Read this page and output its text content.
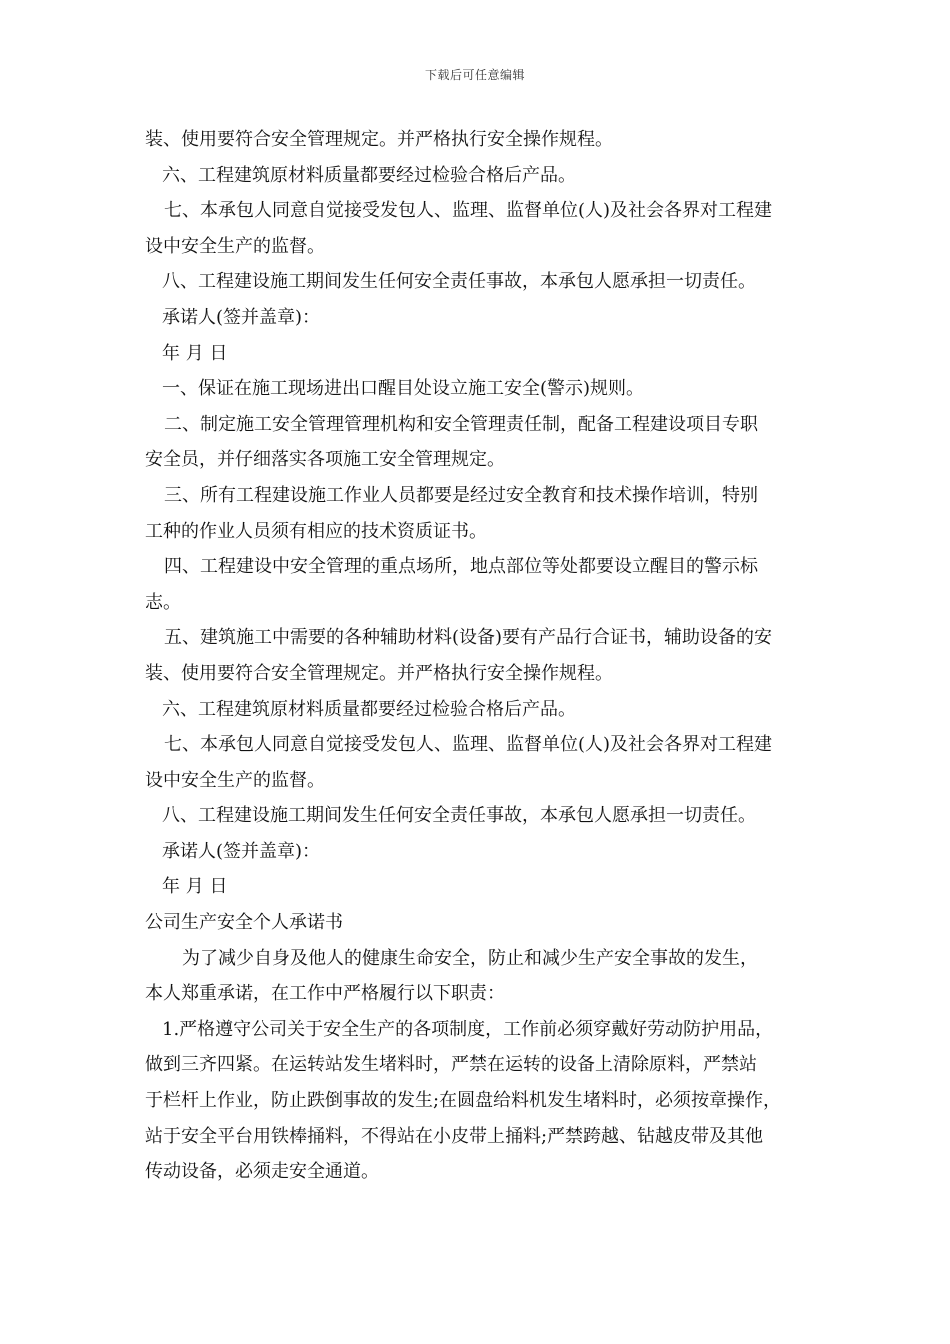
下载后可任意编辑

装、使用要符合安全管理规定。并严格执行安全操作规程。

六、工程建筑原材料质量都要经过检验合格后产品。

七、本承包人同意自觉接受发包人、监理、监督单位(人)及社会各界对工程建

设中安全生产的监督。

八、工程建设施工期间发生任何安全责任事故，本承包人愿承担一切责任。

承诺人(签并盖章)：

年 月 日

一、保证在施工现场进出口醒目处设立施工安全(警示)规则。

二、制定施工安全管理管理机构和安全管理责任制，配备工程建设项目专职

安全员，并仔细落实各项施工安全管理规定。

三、所有工程建设施工作业人员都要是经过安全教育和技术操作培训，特别

工种的作业人员须有相应的技术资质证书。

四、工程建设中安全管理的重点场所，地点部位等处都要设立醒目的警示标

志。

五、建筑施工中需要的各种辅助材料(设备)要有产品行合证书，辅助设备的安

装、使用要符合安全管理规定。并严格执行安全操作规程。

六、工程建筑原材料质量都要经过检验合格后产品。

七、本承包人同意自觉接受发包人、监理、监督单位(人)及社会各界对工程建

设中安全生产的监督。

八、工程建设施工期间发生任何安全责任事故，本承包人愿承担一切责任。

承诺人(签并盖章)：

年 月 日

公司生产安全个人承诺书

为了减少自身及他人的健康生命安全，防止和减少生产安全事故的发生，

本人郑重承诺，在工作中严格履行以下职责：

1.严格遵守公司关于安全生产的各项制度，工作前必须穿戴好劳动防护用品，

做到三齐四紧。在运转站发生堵料时，严禁在运转的设备上清除原料，严禁站

于栏杆上作业，防止跌倒事故的发生;在圆盘给料机发生堵料时，必须按章操作，

站于安全平台用铁棒捅料，不得站在小皮带上捅料;严禁跨越、钻越皮带及其他

传动设备，必须走安全通道。
